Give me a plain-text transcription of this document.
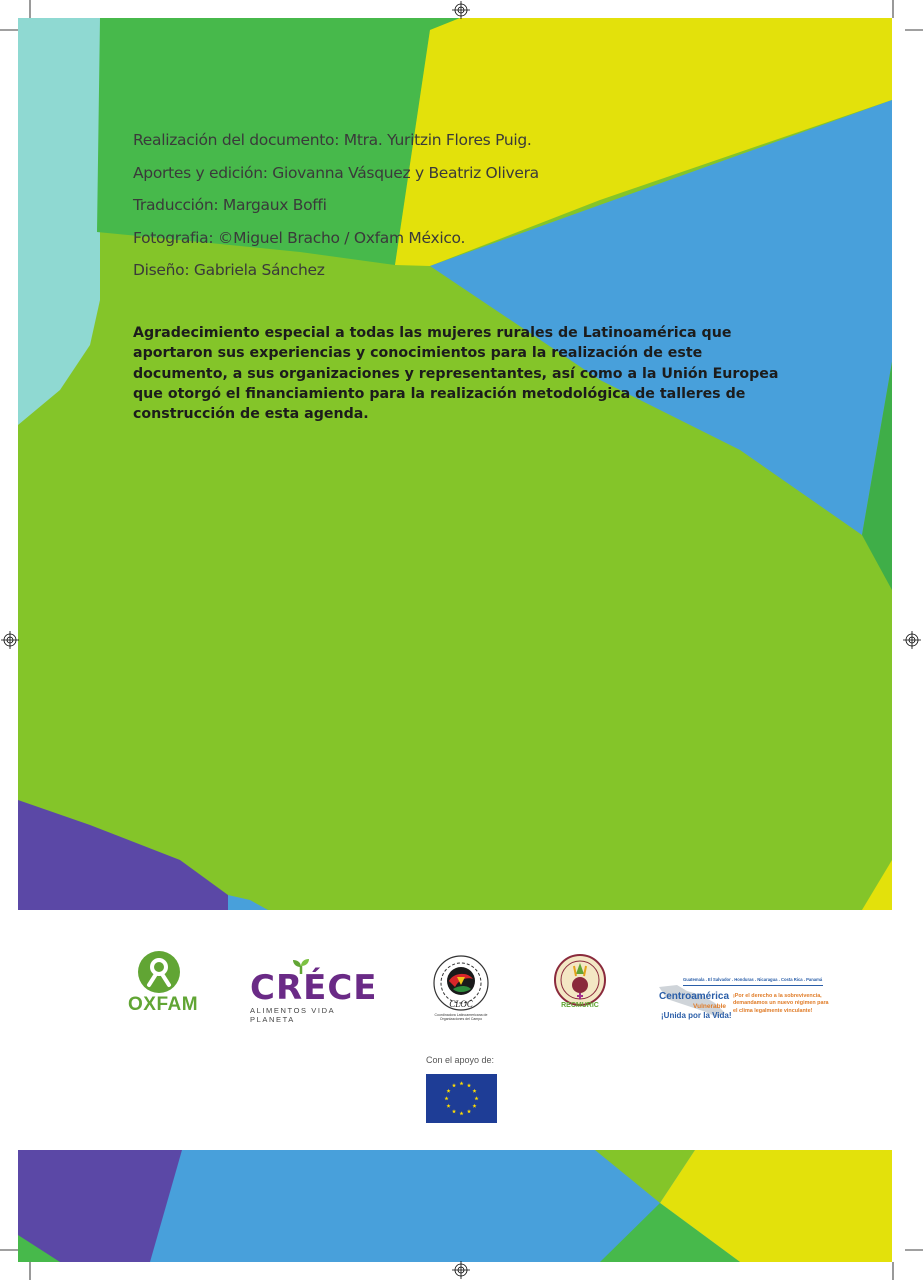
Realización del documento: Mtra. Yuritzin Flores Puig.
Aportes y edición: Giovanna Vásquez y Beatriz Olivera
Traducción: Margaux Boffi
Fotografia: ©Miguel Bracho / Oxfam México.
Diseño: Gabriela Sánchez
Agradecimiento especial a todas las mujeres rurales de Latinoamérica que aportaron sus experiencias y conocimientos para la realización de este documento, a sus organizaciones y representantes, así como a la Unión Europea que otorgó el financiamiento para la realización metodológica de talleres de construcción de esta agenda.
OXFAM CRÉCE
ALIMENTOS VIDA PLANETA
CLOC
Coordinadora Latinoamericana de Organizaciones del Campo
RECMURIC
Guatemala . El Salvador . Honduras . Nicaragua . Costa Rica . Panamá
Centroamérica
Vulnerable
¡Unida por la Vida!
¡Por el derecho a la sobrevivencia,
demandamos un nuevo régimen para
el clima legalmente vinculante!
Con el apoyo de:
